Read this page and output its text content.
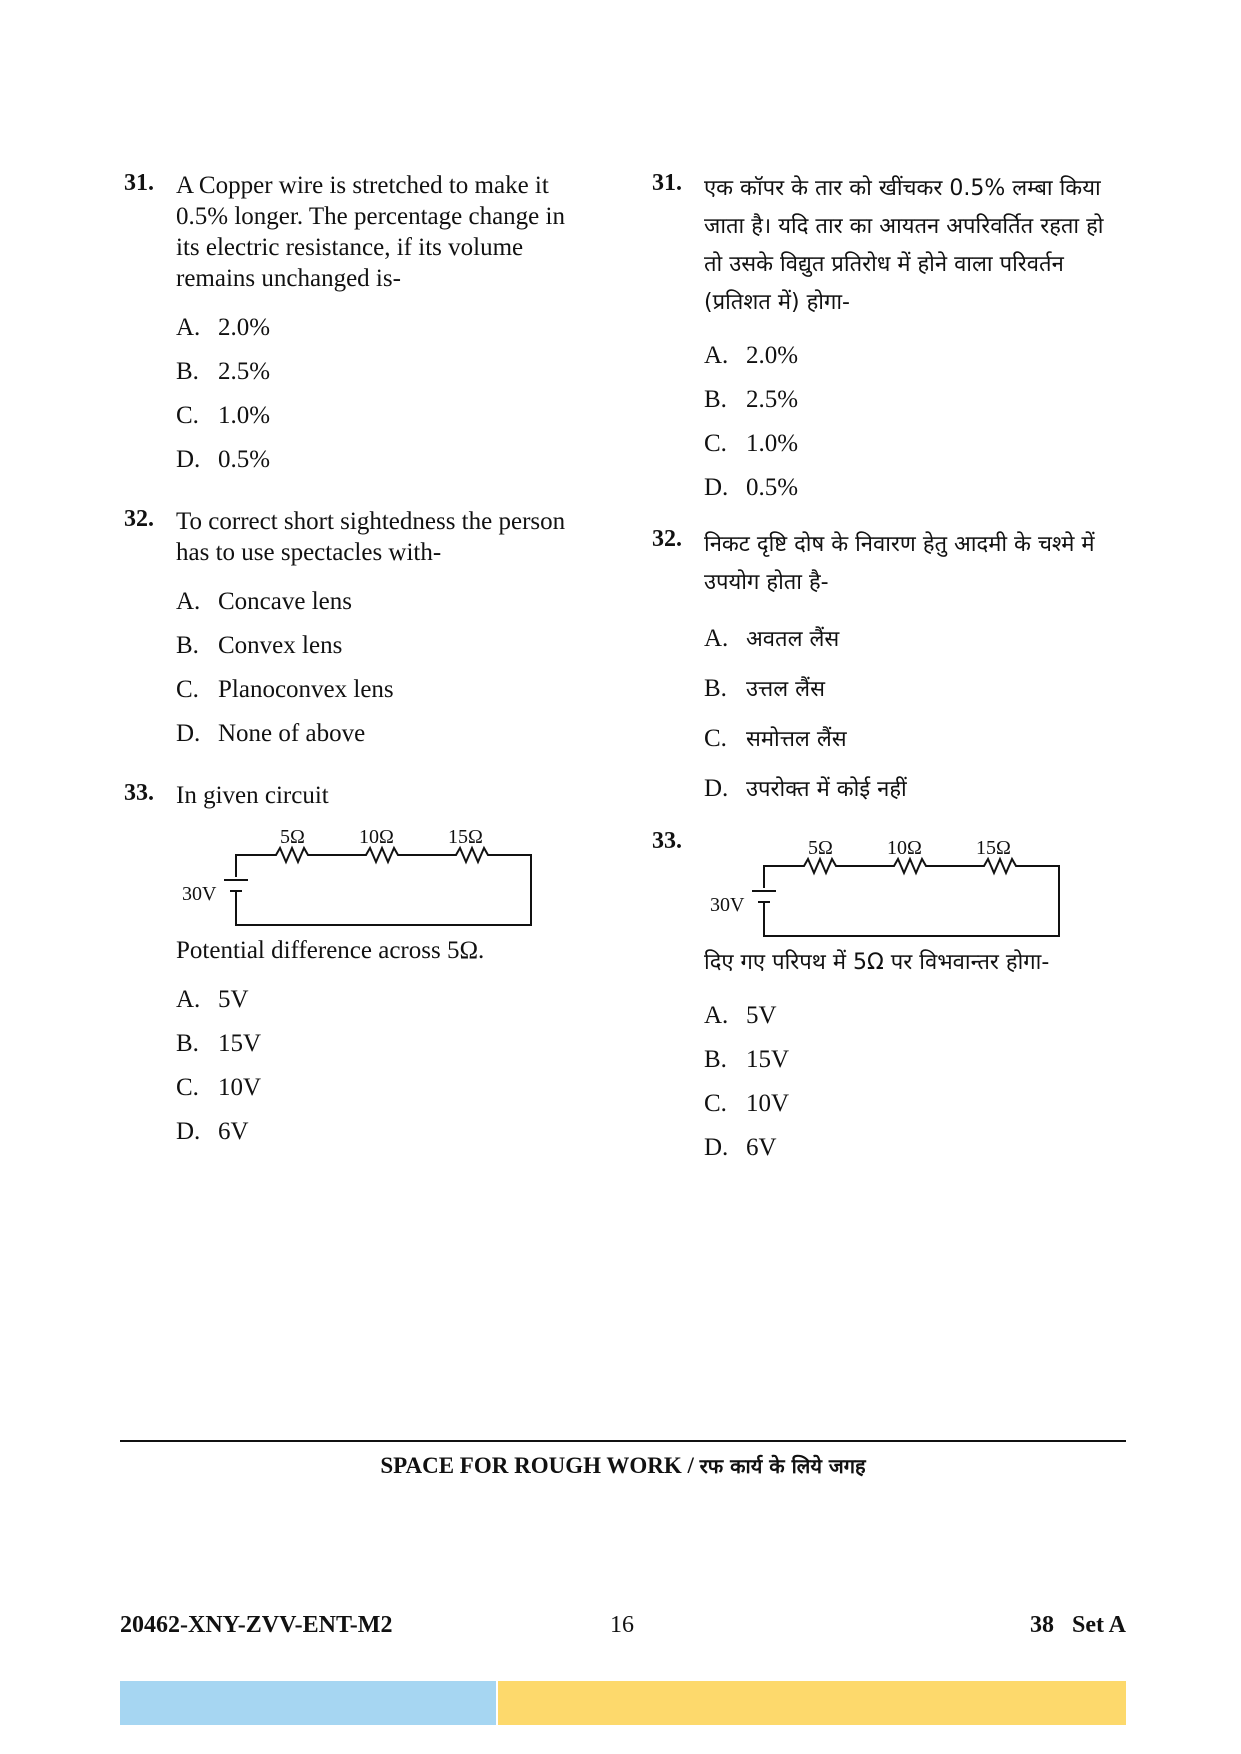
31. A Copper wire is stretched to make it 0.5% longer. The percentage change in its electric resistance, if its volume remains unchanged is-

A. 2.0%
B. 2.5%
C. 1.0%
D. 0.5%
32. To correct short sightedness the person has to use spectacles with-

A. Concave lens
B. Convex lens
C. Planoconvex lens
D. None of above
33. In given circuit

5Ω	10Ω	15Ω
30V

Potential difference across 5Ω.

A. 5V
B. 15V
C. 10V
D. 6V
31. एक कॉपर के तार को खींचकर 0.5% लम्बा किया जाता है। यदि तार का आयतन अपरिवर्तित रहता हो तो उसके विद्युत प्रतिरोध में होने वाला परिवर्तन (प्रतिशत में) होगा-

A. 2.0%
B. 2.5%
C. 1.0%
D. 0.5%
32. निकट दृष्टि दोष के निवारण हेतु आदमी के चश्मे में उपयोग होता है-

A. अवतल लैंस
B. उत्तल लैंस
C. समोत्तल लैंस
D. उपरोक्त में कोई नहीं
33.	5Ω	10Ω	15Ω
30V

दिए गए परिपथ में 5Ω पर विभवान्तर होगा-

A. 5V
B. 15V
C. 10V
D. 6V
SPACE FOR ROUGH WORK / रफ कार्य के लिये जगह
20462-XNY-ZVV-ENT-M2	16	38   Set A
